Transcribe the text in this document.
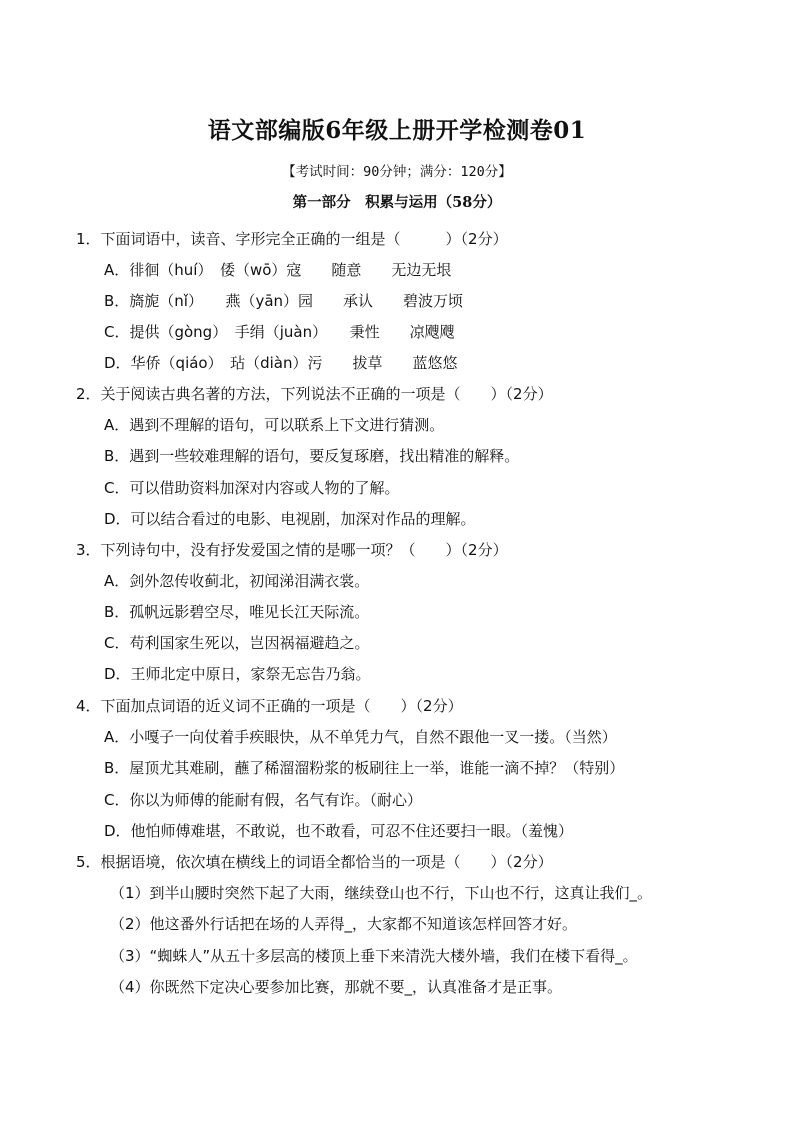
语文部编版6年级上册开学检测卷01
【考试时间：90分钟；满分：120分】
第一部分　积累与运用（58分）
1．下面词语中，读音、字形完全正确的一组是（　　　）（2分）
A．徘徊（huí）　倭（wō）寇　　随意　　无边无垠
B．旖旎（nǐ）　　燕（yān）园　　承认　　碧波万顷
C．提供（gòng）　手绢（juàn）　　秉性　　凉飕飕
D．华侨（qiáo）　玷（diàn）污　　拔草　　蓝悠悠
2．关于阅读古典名著的方法，下列说法不正确的一项是（　　）（2分）
A．遇到不理解的语句，可以联系上下文进行猜测。
B．遇到一些较难理解的语句，要反复琢磨，找出精准的解释。
C．可以借助资料加深对内容或人物的了解。
D．可以结合看过的电影、电视剧，加深对作品的理解。
3．下列诗句中，没有抒发爱国之情的是哪一项？（　　）（2分）
A．剑外忽传收蓟北，初闻涕泪满衣裳。
B．孤帆远影碧空尽，唯见长江天际流。
C．苟利国家生死以，岂因祸福避趋之。
D．王师北定中原日，家祭无忘告乃翁。
4．下面加点词语的近义词不正确的一项是（　　）（2分）
A．小嘎子一向仗着手疾眼快，从不单凭力气，自然不跟他一叉一搂。（当然）
B．屋顶尤其难刷，蘸了稀溜溜粉浆的板刷往上一举，谁能一滴不掉？（特别）
C．你以为师傅的能耐有假，名气有诈。（耐心）
D．他怕师傅难堪，不敢说，也不敢看，可忍不住还要扫一眼。（羞愧）
5．根据语境，依次填在横线上的词语全都恰当的一项是（　　）（2分）
（1）到半山腰时突然下起了大雨，继续登山也不行，下山也不行，这真让我们_。
（2）他这番外行话把在场的人弄得_，大家都不知道该怎样回答才好。
（3）“蜘蛛人”从五十多层高的楼顶上垂下来清洗大楼外墙，我们在楼下看得_。
（4）你既然下定决心要参加比赛，那就不要_，认真准备才是正事。
